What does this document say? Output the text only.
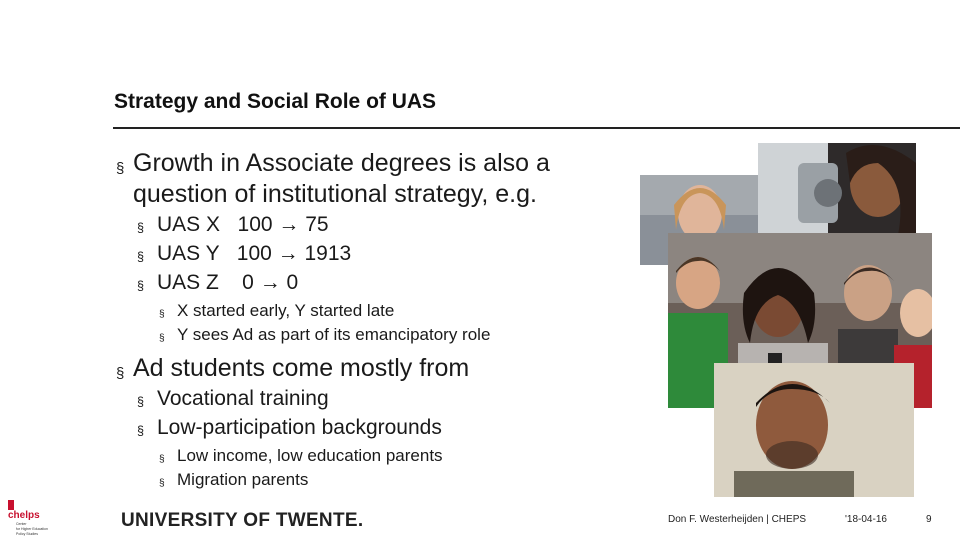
Strategy and Social Role of UAS
§ Growth in Associate degrees is also a question of institutional strategy, e.g.
§ UAS X   100 → 75
§ UAS Y   100 → 1913
§ UAS Z    0 → 0
§ X started early, Y started late
§ Y sees Ad as part of its emancipatory role
§ Ad students come mostly from
§ Vocational training
§ Low-participation backgrounds
§ Low income, low education parents
§ Migration parents
chelps
Center
for Higher Education
Policy Studies
UNIVERSITY OF TWENTE.	Don F. Westerheijden | CHEPS	'18-04-16	9
